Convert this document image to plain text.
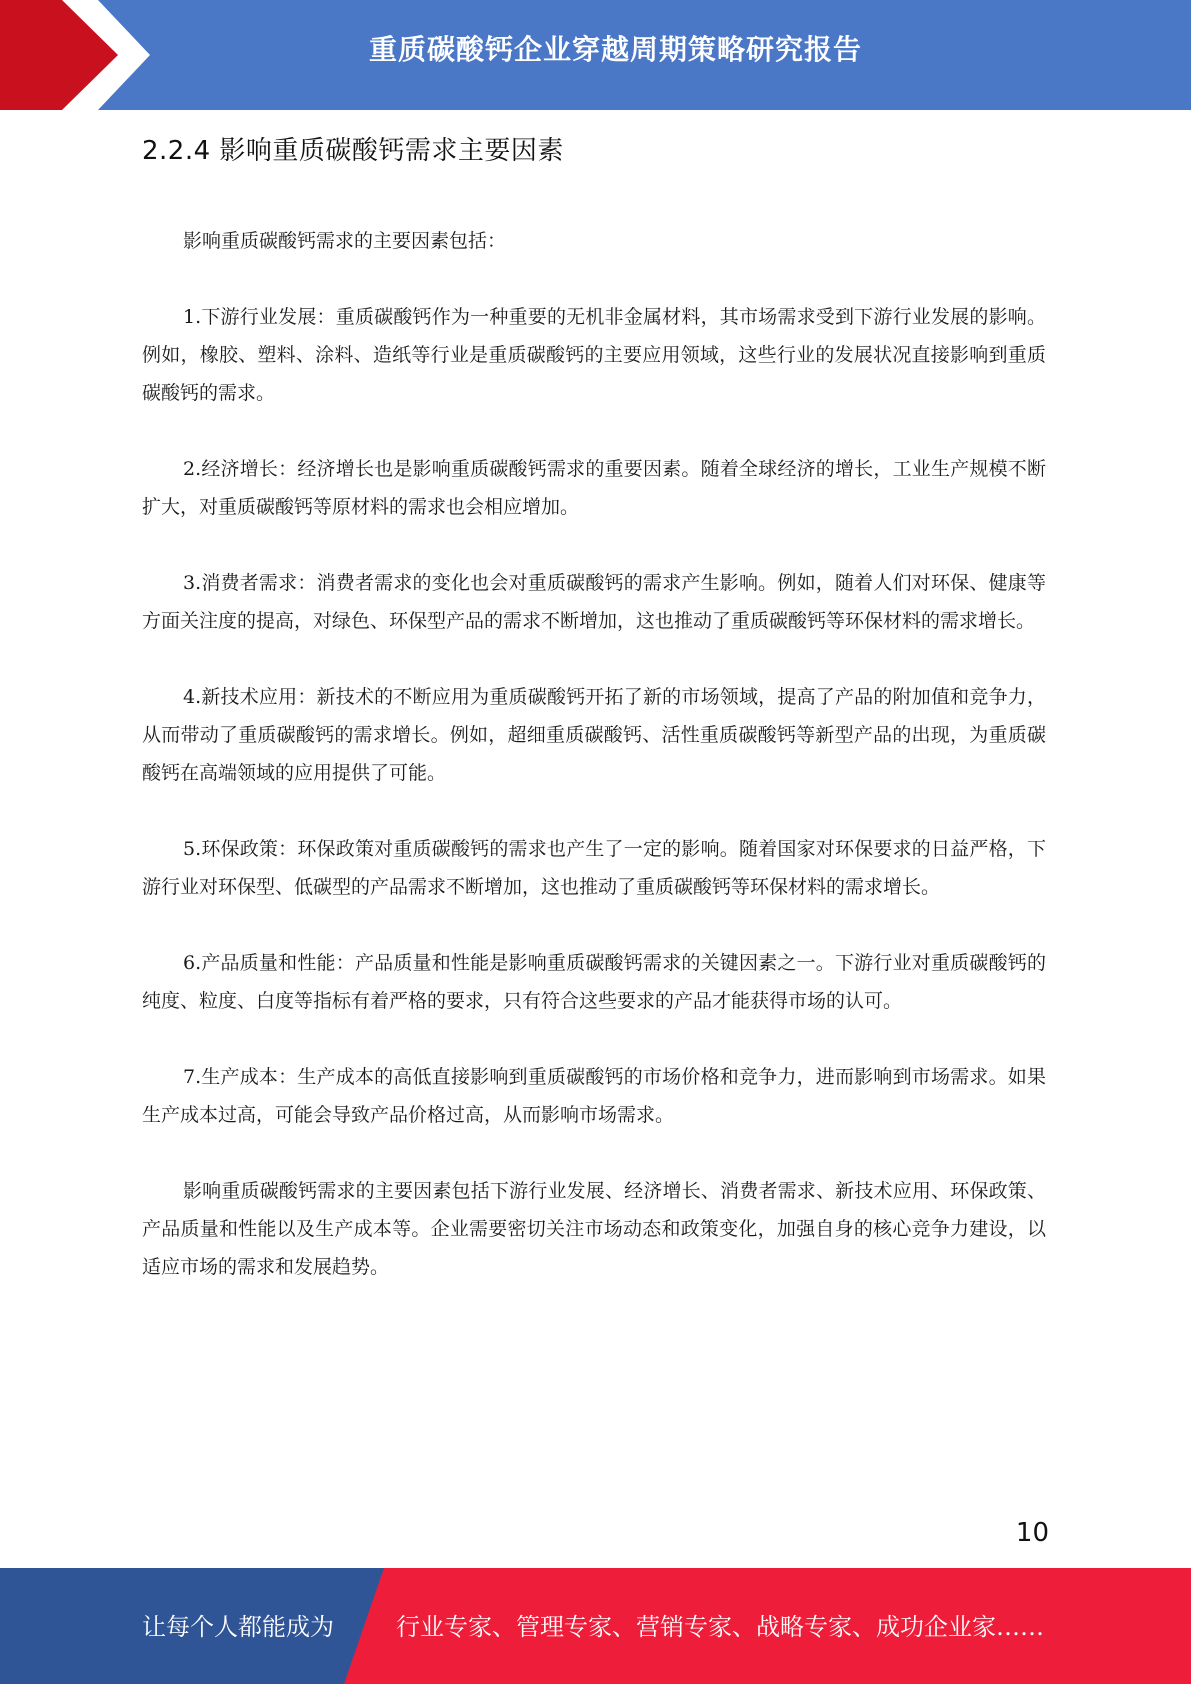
重质碳酸钙企业穿越周期策略研究报告
2.2.4 影响重质碳酸钙需求主要因素

影响重质碳酸钙需求的主要因素包括：

1.下游行业发展：重质碳酸钙作为一种重要的无机非金属材料，其市场需求受到下游行业发展的影响。例如，橡胶、塑料、涂料、造纸等行业是重质碳酸钙的主要应用领域，这些行业的发展状况直接影响到重质碳酸钙的需求。

2.经济增长：经济增长也是影响重质碳酸钙需求的重要因素。随着全球经济的增长，工业生产规模不断扩大，对重质碳酸钙等原材料的需求也会相应增加。

3.消费者需求：消费者需求的变化也会对重质碳酸钙的需求产生影响。例如，随着人们对环保、健康等方面关注度的提高，对绿色、环保型产品的需求不断增加，这也推动了重质碳酸钙等环保材料的需求增长。

4.新技术应用：新技术的不断应用为重质碳酸钙开拓了新的市场领域，提高了产品的附加值和竞争力，从而带动了重质碳酸钙的需求增长。例如，超细重质碳酸钙、活性重质碳酸钙等新型产品的出现，为重质碳酸钙在高端领域的应用提供了可能。

5.环保政策：环保政策对重质碳酸钙的需求也产生了一定的影响。随着国家对环保要求的日益严格，下游行业对环保型、低碳型的产品需求不断增加，这也推动了重质碳酸钙等环保材料的需求增长。

6.产品质量和性能：产品质量和性能是影响重质碳酸钙需求的关键因素之一。下游行业对重质碳酸钙的纯度、粒度、白度等指标有着严格的要求，只有符合这些要求的产品才能获得市场的认可。

7.生产成本：生产成本的高低直接影响到重质碳酸钙的市场价格和竞争力，进而影响到市场需求。如果生产成本过高，可能会导致产品价格过高，从而影响市场需求。

影响重质碳酸钙需求的主要因素包括下游行业发展、经济增长、消费者需求、新技术应用、环保政策、产品质量和性能以及生产成本等。企业需要密切关注市场动态和政策变化，加强自身的核心竞争力建设，以适应市场的需求和发展趋势。

10
让每个人都能成为	行业专家、管理专家、营销专家、战略专家、成功企业家……
